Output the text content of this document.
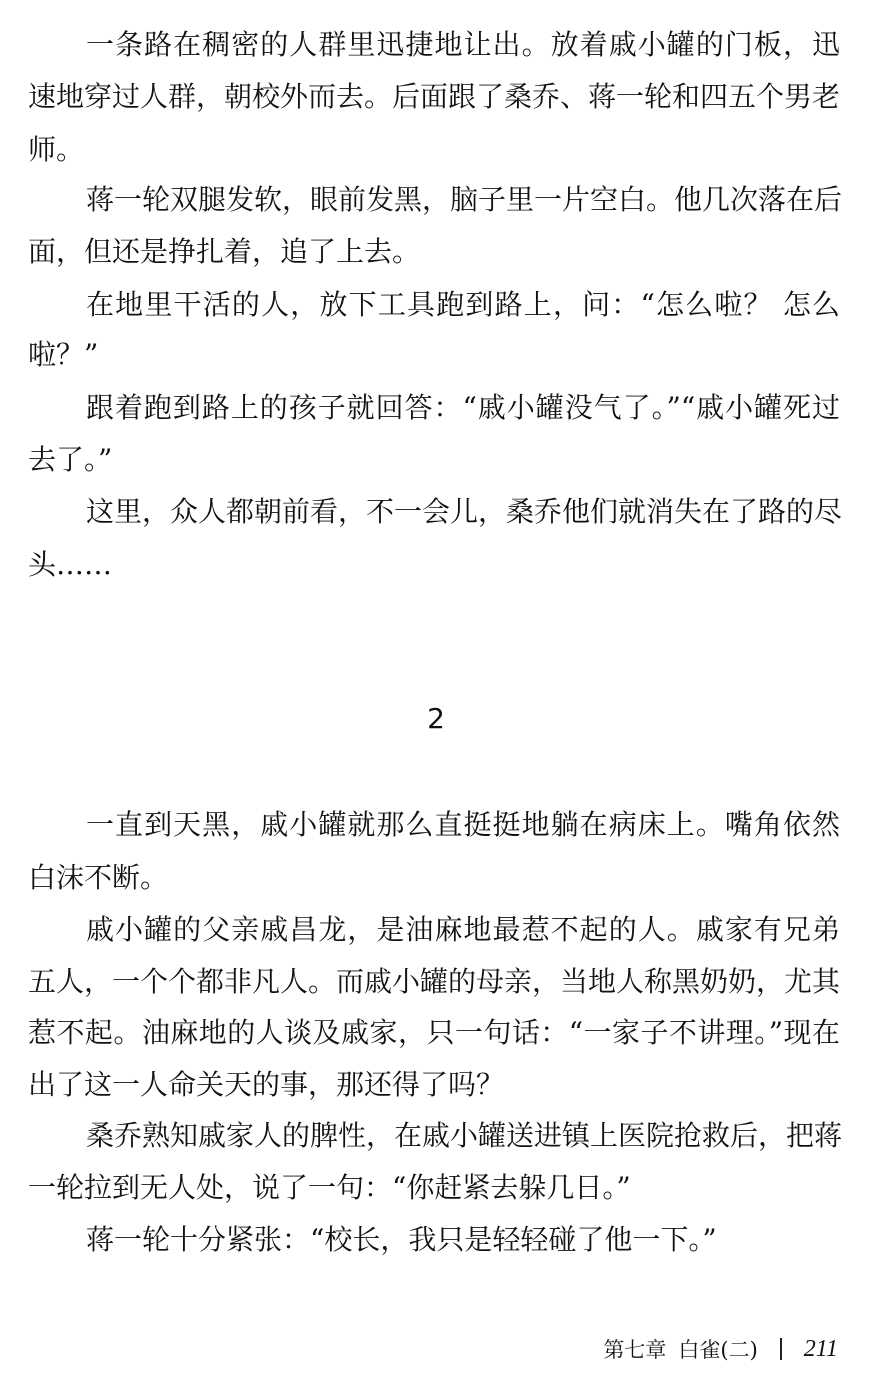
一条路在稠密的人群里迅捷地让出。放着戚小罐的门板，迅
速地穿过人群，朝校外而去。后面跟了桑乔、蒋一轮和四五个男老
师。
蒋一轮双腿发软，眼前发黑，脑子里一片空白。他几次落在后
面，但还是挣扎着，追了上去。
在地里干活的人，放下工具跑到路上，问：“怎么啦？ 怎么
啦？”
跟着跑到路上的孩子就回答：“戚小罐没气了。”“戚小罐死过
去了。”
这里，众人都朝前看，不一会儿，桑乔他们就消失在了路的尽
头……
2
一直到天黑，戚小罐就那么直挺挺地躺在病床上。嘴角依然
白沫不断。
戚小罐的父亲戚昌龙，是油麻地最惹不起的人。戚家有兄弟
五人，一个个都非凡人。而戚小罐的母亲，当地人称黑奶奶，尤其
惹不起。油麻地的人谈及戚家，只一句话：“一家子不讲理。”现在
出了这一人命关天的事，那还得了吗？
桑乔熟知戚家人的脾性，在戚小罐送进镇上医院抢救后，把蒋
一轮拉到无人处，说了一句：“你赶紧去躲几日。”
蒋一轮十分紧张：“校长，我只是轻轻碰了他一下。”
第七章 白雀(二) 211
